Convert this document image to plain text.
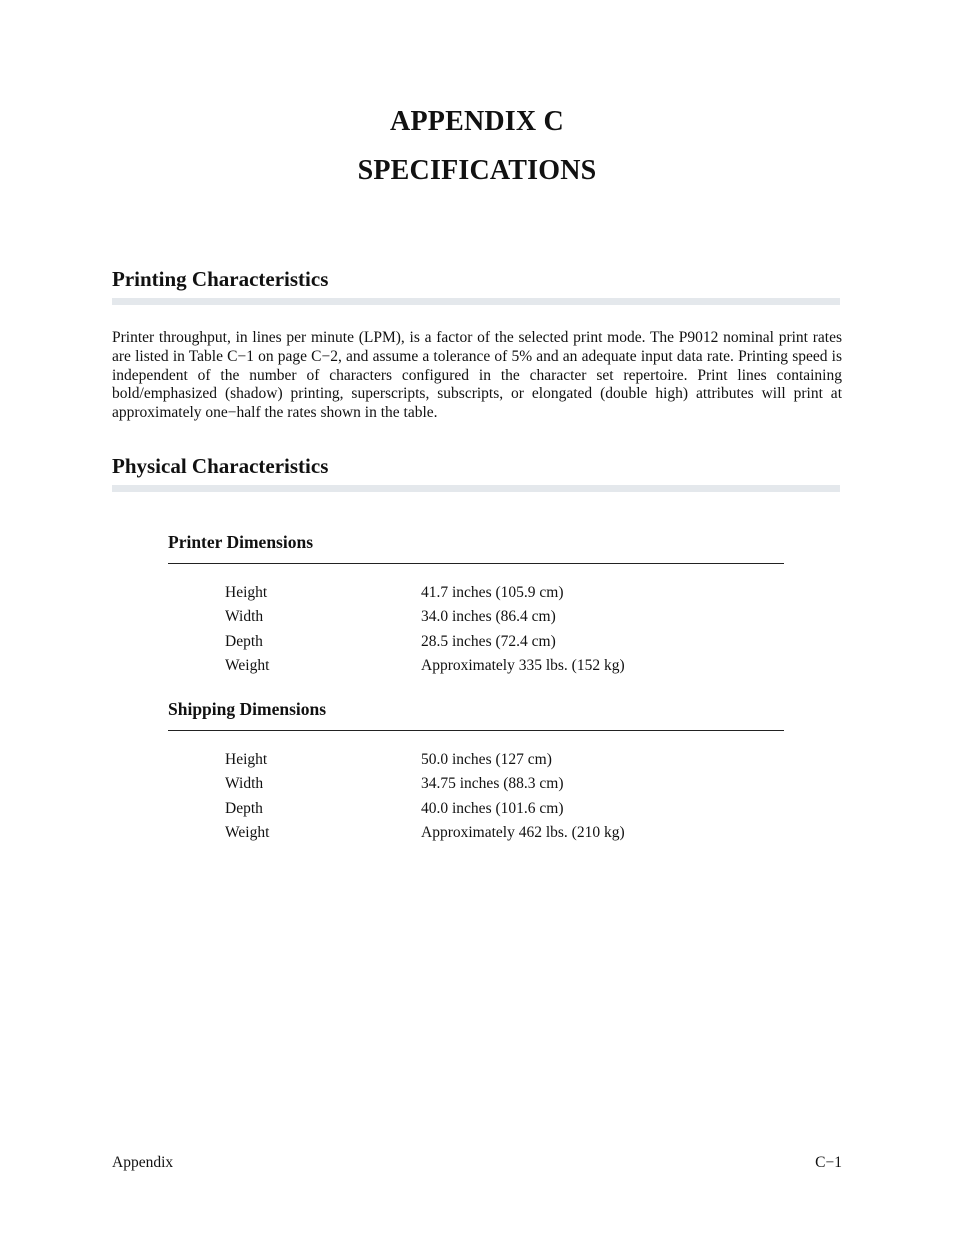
APPENDIX C
SPECIFICATIONS
Printing Characteristics
Printer throughput, in lines per minute (LPM), is a factor of the selected print mode. The P9012 nominal print rates are listed in Table C−1 on page C−2, and assume a tolerance of 5% and an adequate input data rate. Printing speed is independent of the number of characters configured in the character set repertoire. Print lines containing bold/emphasized (shadow) printing, superscripts, subscripts, or elongated (double high) attributes will print at approximately one−half the rates shown in the table.
Physical Characteristics
Printer Dimensions
Height	41.7 inches (105.9 cm)
Width	34.0 inches (86.4 cm)
Depth	28.5 inches (72.4 cm)
Weight	Approximately 335 lbs. (152 kg)
Shipping Dimensions
Height	50.0 inches (127 cm)
Width	34.75 inches (88.3 cm)
Depth	40.0 inches (101.6 cm)
Weight	Approximately 462 lbs. (210 kg)
Appendix	C−1
